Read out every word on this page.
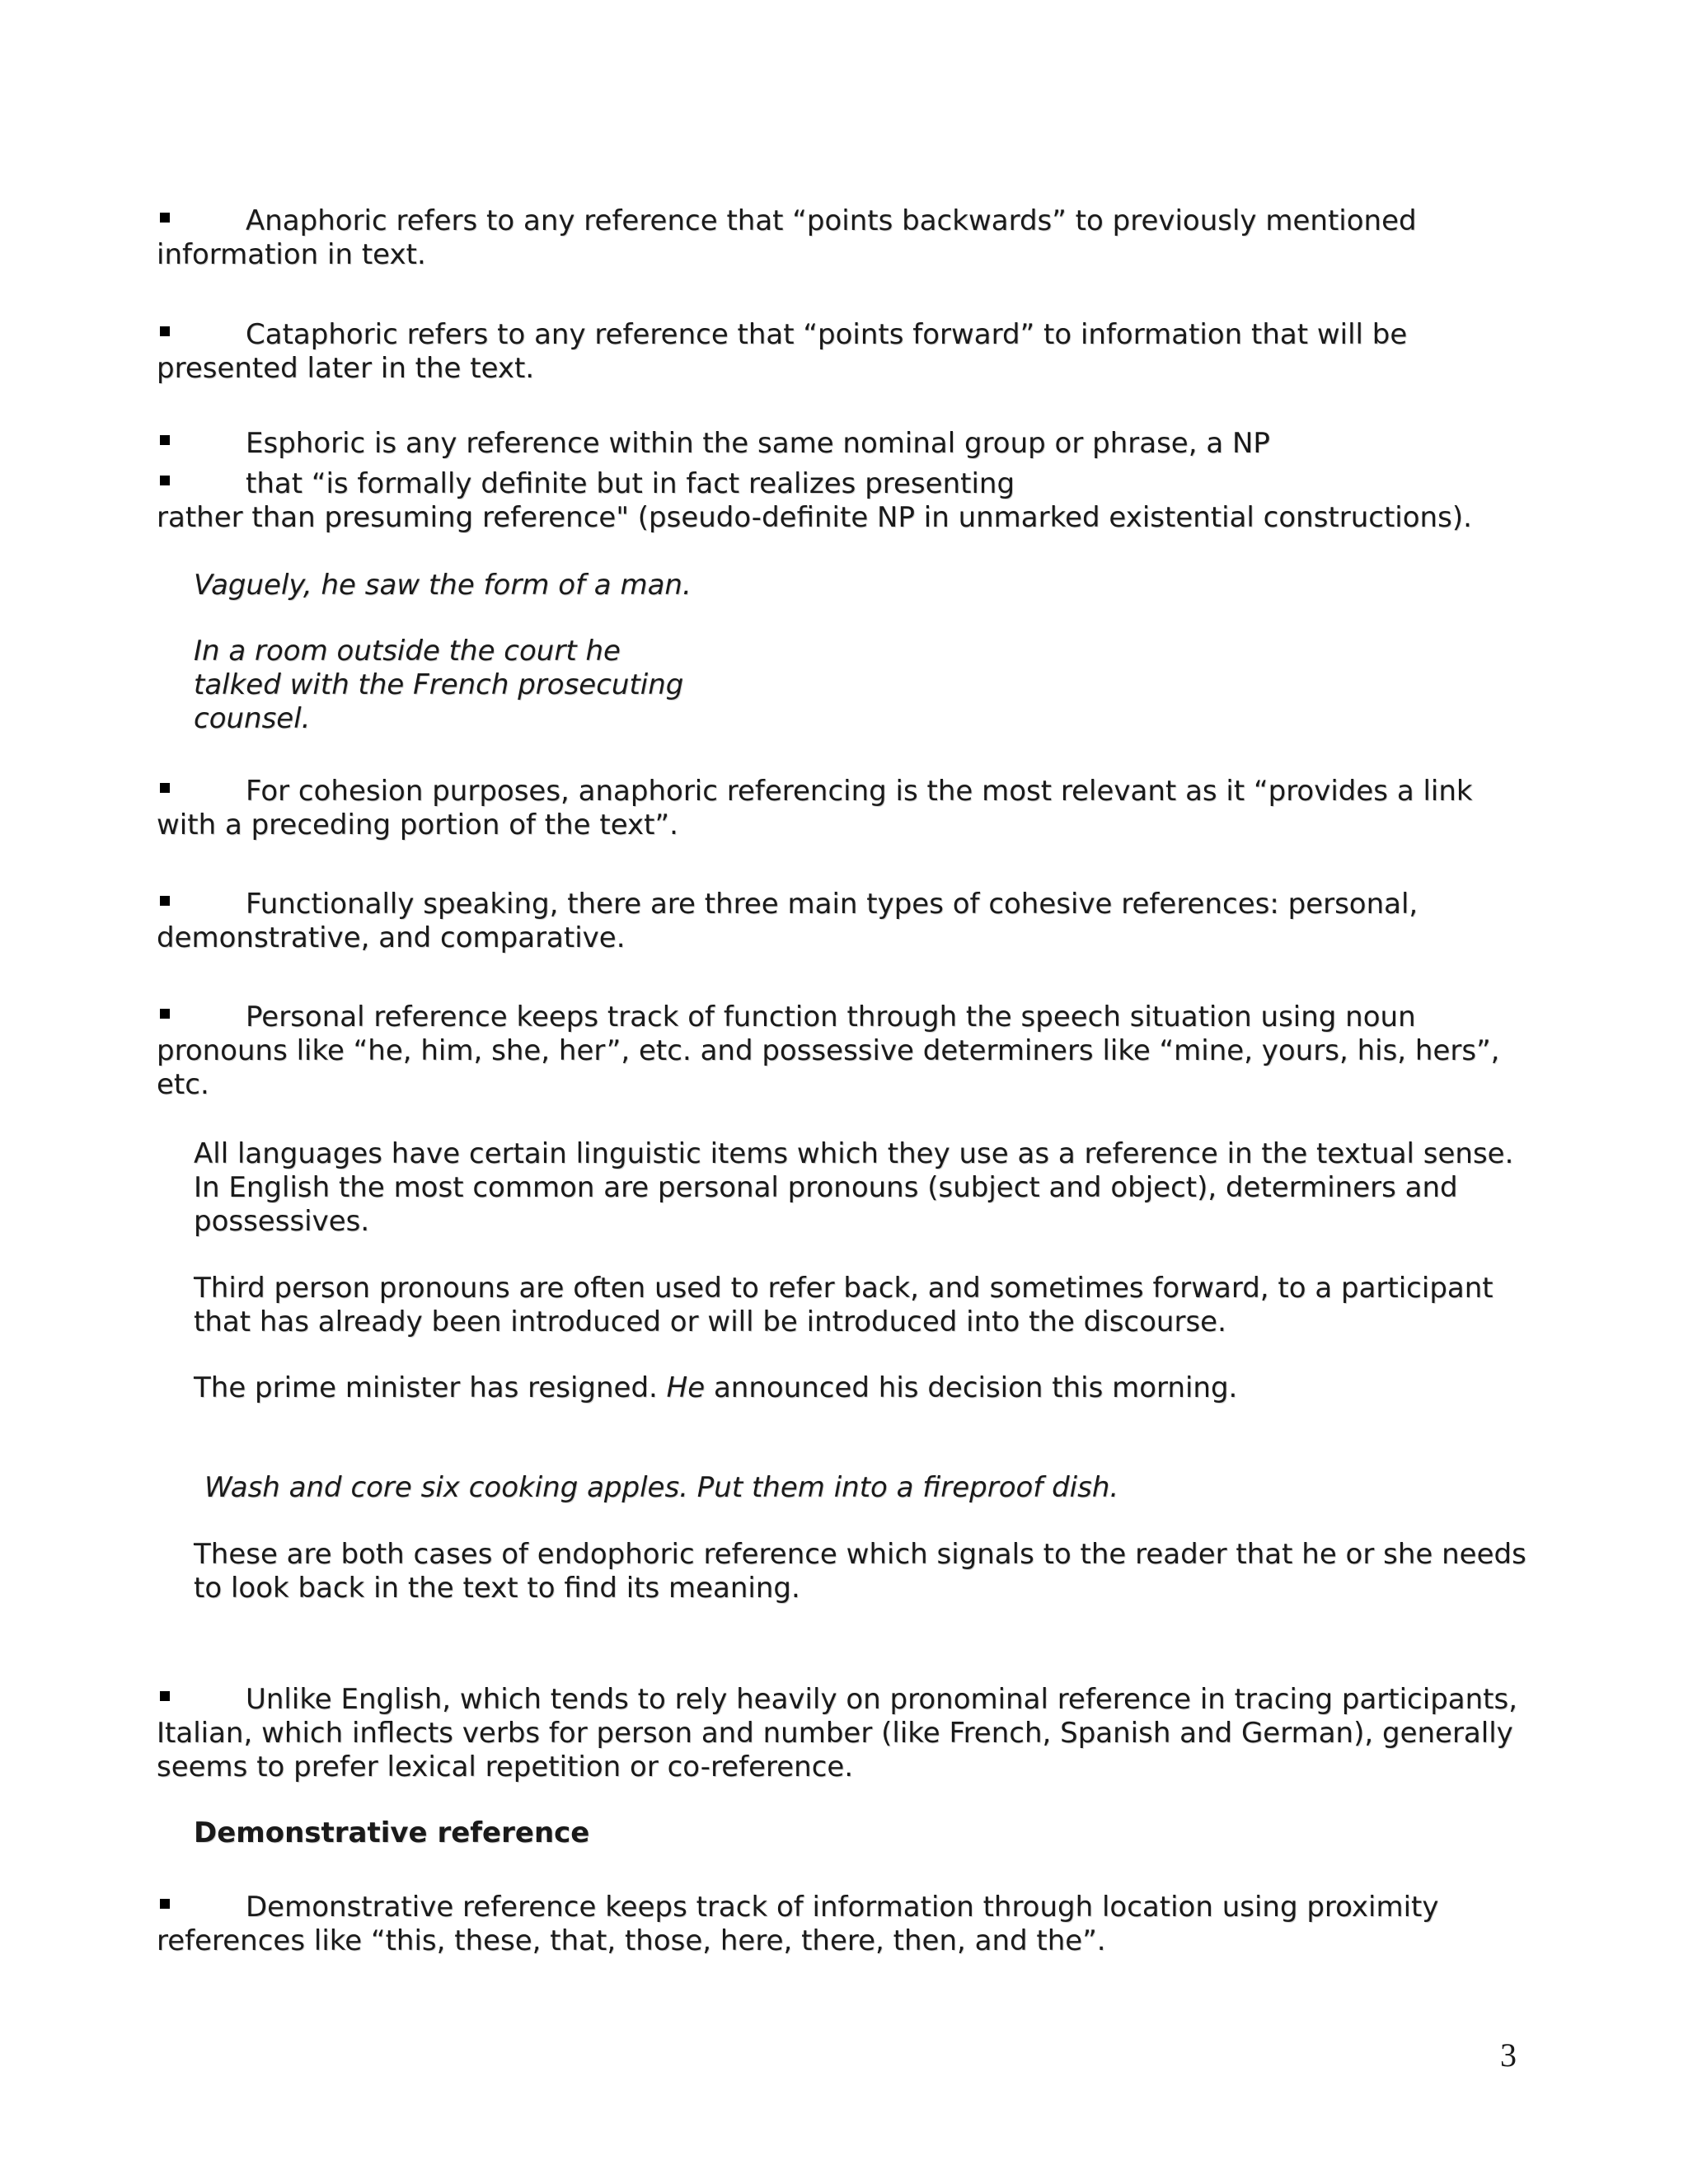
Anaphoric refers to any reference that “points backwards” to previously mentioned information in text.
Cataphoric refers to any reference that “points forward” to information that will be presented later in the text.
Esphoric is any reference within the same nominal group or phrase, a NP
that “is formally definite but in fact realizes presenting
rather than presuming reference" (pseudo-definite NP in unmarked existential constructions).
Vaguely, he saw the form of a man.
In a room outside the court he
talked with the French prosecuting
counsel.
For cohesion purposes, anaphoric referencing is the most relevant as it “provides a link with a preceding portion of the text”.
Functionally speaking, there are three main types of cohesive references: personal, demonstrative, and comparative.
Personal reference keeps track of function through the speech situation using noun pronouns like “he, him, she, her”, etc. and possessive determiners like “mine, yours, his, hers”, etc.
All languages have certain linguistic items which they use as a reference in the textual sense. In English the most common are personal pronouns (subject and object), determiners and possessives.
Third person pronouns are often used to refer back, and sometimes forward, to a participant that has already been introduced or will be introduced into the discourse.
The prime minister has resigned. He announced his decision this morning.
Wash and core six cooking apples. Put them into a fireproof dish.
These are both cases of endophoric reference which signals to the reader that he or she needs to look back in the text to find its meaning.
Unlike English, which tends to rely heavily on pronominal reference in tracing participants, Italian, which inflects verbs for person and number (like French, Spanish and German), generally seems to prefer lexical repetition or co-reference.
Demonstrative reference
Demonstrative reference keeps track of information through location using proximity references like “this, these, that, those, here, there, then, and the”.
3
